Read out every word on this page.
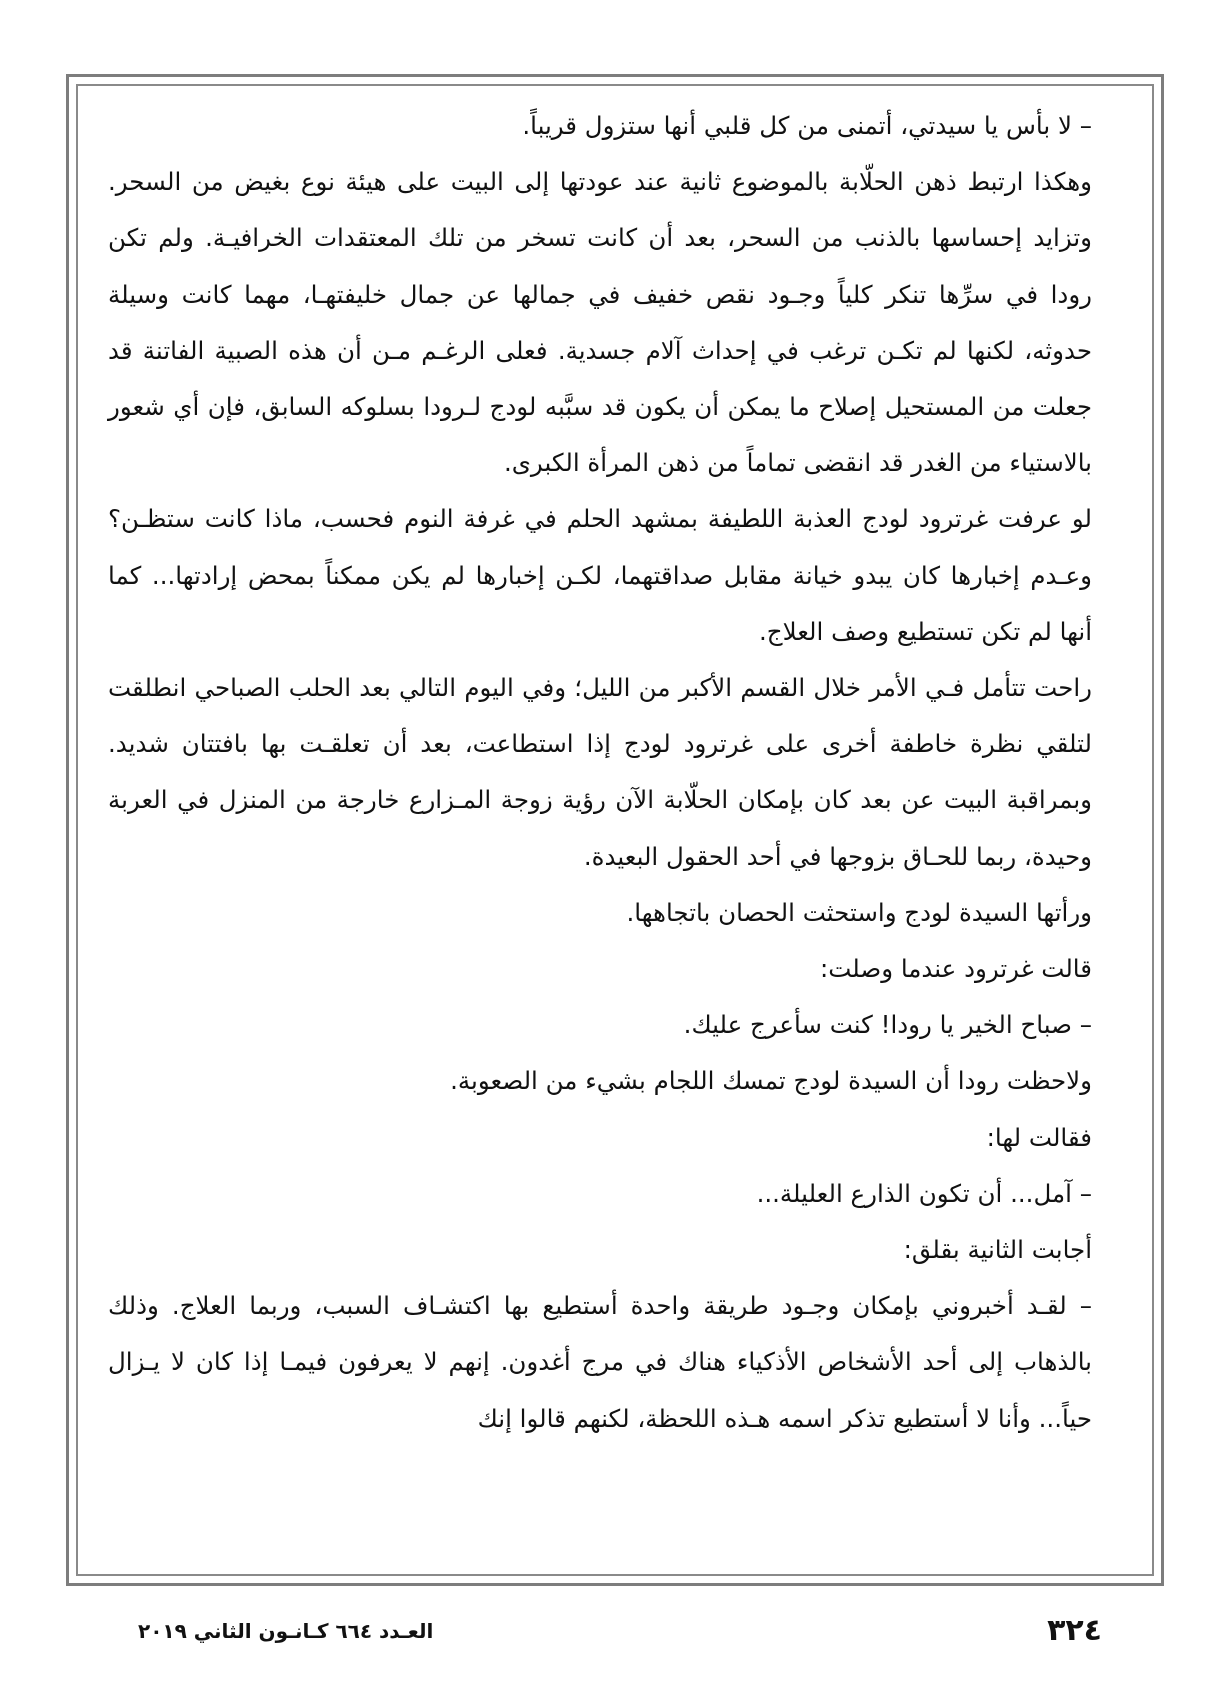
– لا بأس يا سيدتي، أتمنى من كل قلبي أنها ستزول قريباً.

وهكذا ارتبط ذهن الحلّابة بالموضوع ثانية عند عودتها إلى البيت على هيئة نوع بغيض من السحر. وتزايد إحساسها بالذنب من السحر، بعد أن كانت تسخر من تلك المعتقدات الخرافيـة. ولم تكن رودا في سرِّها تنكر كلياً وجـود نقص خفيف في جمالها عن جمال خليفتهـا، مهما كانت وسيلة حدوثه، لكنها لم تكـن ترغب في إحداث آلام جسدية. فعلى الرغـم مـن أن هذه الصبية الفاتنة قد جعلت من المستحيل إصلاح ما يمكن أن يكون قد سبَّبه لودج لـرودا بسلوكه السابق، فإن أي شعور بالاستياء من الغدر قد انقضى تماماً من ذهن المرأة الكبرى.

لو عرفت غرترود لودج العذبة اللطيفة بمشهد الحلم في غرفة النوم فحسب، ماذا كانت ستظـن؟ وعـدم إخبارها كان يبدو خيانة مقابل صداقتهما، لكـن إخبارها لم يكن ممكناً بمحض إرادتها... كما أنها لم تكن تستطيع وصف العلاج.

راحت تتأمل فـي الأمر خلال القسم الأكبر من الليل؛ وفي اليوم التالي بعد الحلب الصباحي انطلقت لتلقي نظرة خاطفة أخرى على غرترود لودج إذا استطاعت، بعد أن تعلقـت بها بافتتان شديد. وبمراقبة البيت عن بعد كان بإمكان الحلّابة الآن رؤية زوجة المـزارع خارجة من المنزل في العربة وحيدة، ربما للحـاق بزوجها في أحد الحقول البعيدة.

ورأتها السيدة لودج واستحثت الحصان باتجاهها.

قالت غرترود عندما وصلت:

– صباح الخير يا رودا! كنت سأعرج عليك.

ولاحظت رودا أن السيدة لودج تمسك اللجام بشيء من الصعوبة.

فقالت لها:

– آمل... أن تكون الذارع العليلة...

أجابت الثانية بقلق:

– لقـد أخبروني بإمكان وجـود طريقة واحدة أستطيع بها اكتشـاف السبب، وربما العلاج. وذلك بالذهاب إلى أحد الأشخاص الأذكياء هناك في مرج أغدون. إنهم لا يعرفون فيمـا إذا كان لا يـزال حياً... وأنا لا أستطيع تذكر اسمه هـذه اللحظة، لكنهم قالوا إنك

٣٢٤
العـدد ٦٦٤ كـانـون الثاني ٢٠١٩
